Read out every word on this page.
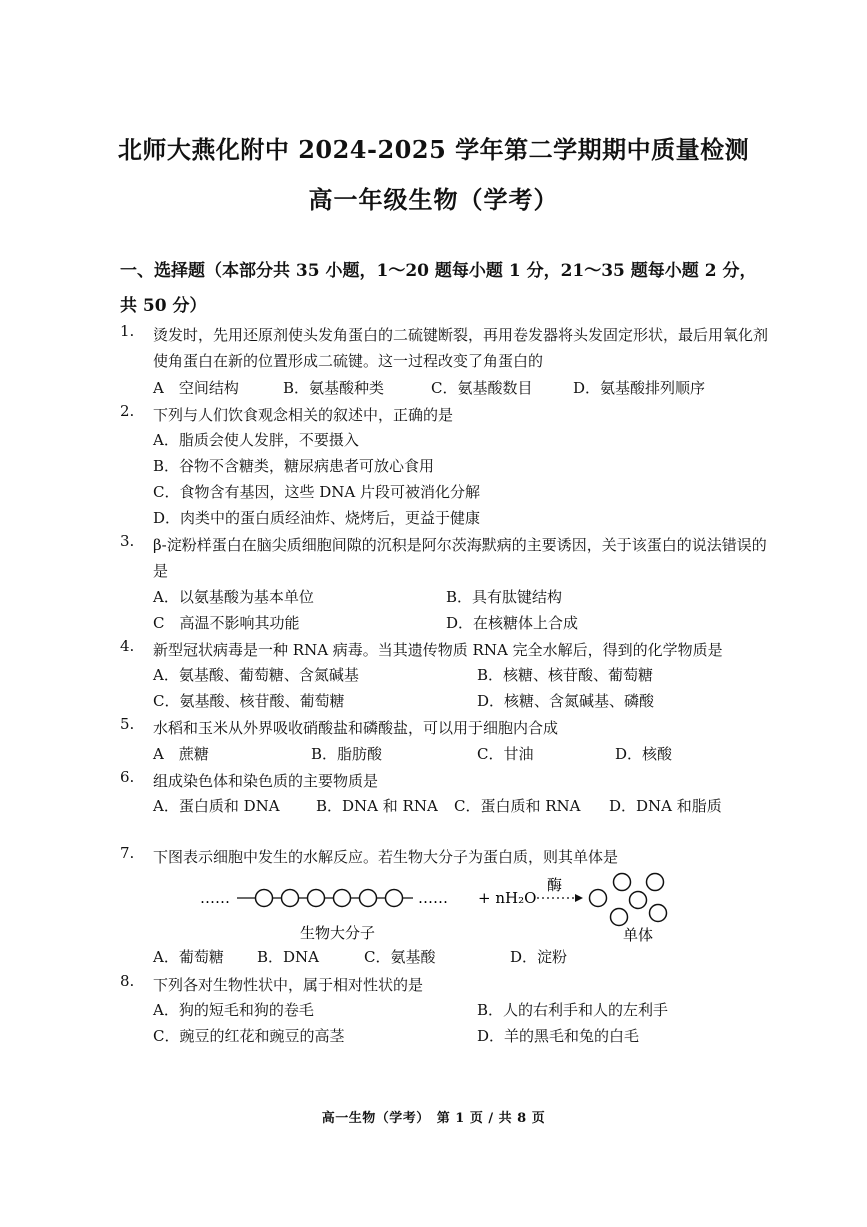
北师大燕化附中 2024-2025 学年第二学期期中质量检测
高一年级生物（学考）
一、选择题（本部分共 35 小题，1～20 题每小题 1 分，21～35 题每小题 2 分，共 50 分）
1.	烫发时，先用还原剂使头发角蛋白的二硫键断裂，再用卷发器将头发固定形状，最后用氧化剂使角蛋白在新的位置形成二硫键。这一过程改变了角蛋白的
A　空间结构	B．氨基酸种类	C．氨基酸数目	D．氨基酸排列顺序
2.	下列与人们饮食观念相关的叙述中，正确的是
A．脂质会使人发胖，不要摄入
B．谷物不含糖类，糖尿病患者可放心食用
C．食物含有基因，这些 DNA 片段可被消化分解
D．肉类中的蛋白质经油炸、烧烤后，更益于健康
3.	β-淀粉样蛋白在脑尖质细胞间隙的沉积是阿尔茨海默病的主要诱因，关于该蛋白的说法错误的是
A．以氨基酸为基本单位	B．具有肽键结构
C　高温不影响其功能	D．在核糖体上合成
4.	新型冠状病毒是一种 RNA 病毒。当其遗传物质 RNA 完全水解后，得到的化学物质是
A．氨基酸、葡萄糖、含氮碱基	B．核糖、核苷酸、葡萄糖
C．氨基酸、核苷酸、葡萄糖	D．核糖、含氮碱基、磷酸
5.	水稻和玉米从外界吸收硝酸盐和磷酸盐，可以用于细胞内合成
A　蔗糖	B．脂肪酸	C．甘油	D．核酸
6.	组成染色体和染色质的主要物质是
A．蛋白质和 DNA B．DNA 和 RNA C．蛋白质和 RNA D．DNA 和脂质
7.	下图表示细胞中发生的水解反应。若生物大分子为蛋白质，则其单体是
……	…… + nH₂O
酶
生物大分子	单体
A．葡萄糖 B．DNA	C．氨基酸	D．淀粉
8.	下列各对生物性状中，属于相对性状的是
A．狗的短毛和狗的卷毛	B．人的右利手和人的左利手
C．豌豆的红花和豌豆的高茎	D．羊的黑毛和兔的白毛
高一生物（学考）　第 1 页 / 共 8 页
